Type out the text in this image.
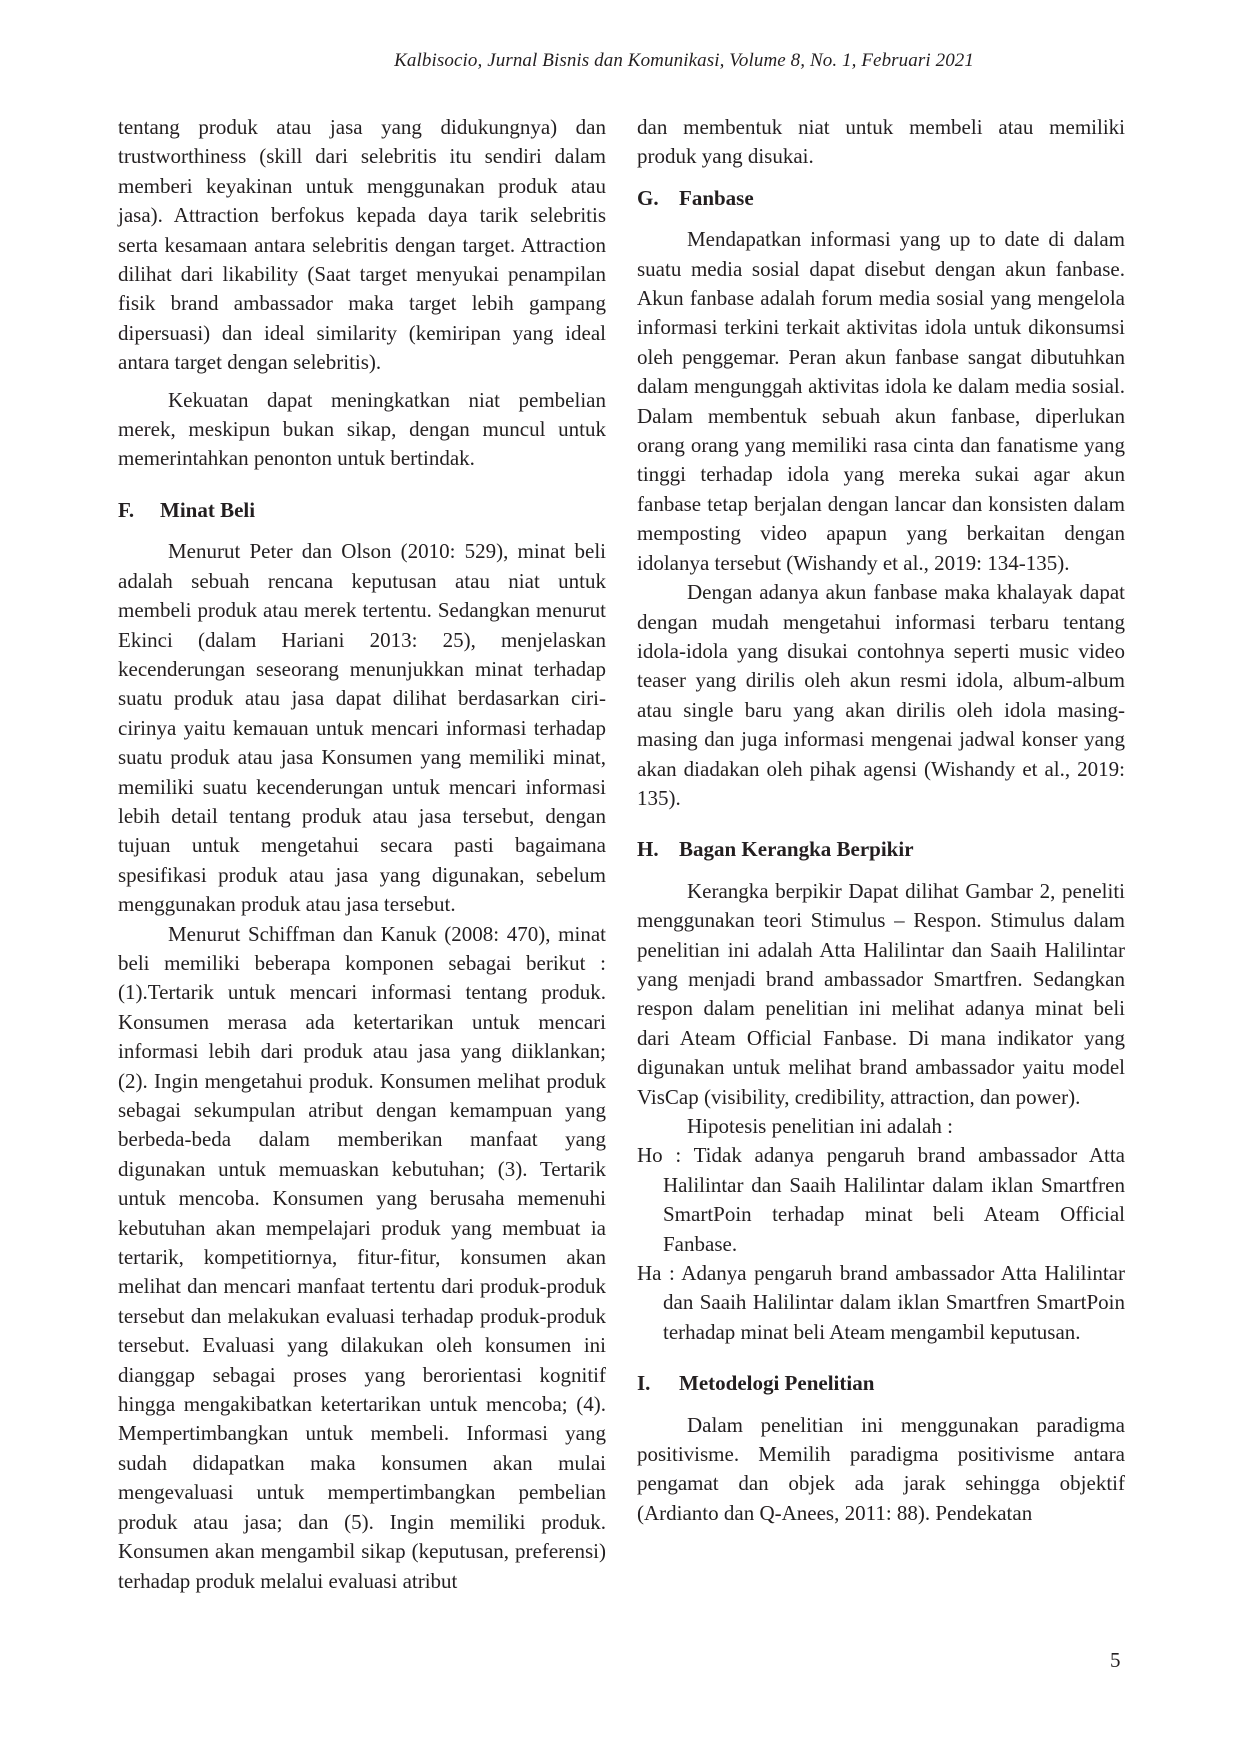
Kalbisocio, Jurnal Bisnis dan Komunikasi, Volume 8, No. 1, Februari 2021

tentang produk atau jasa yang didukungnya) dan trustworthiness (skill dari selebritis itu sendiri dalam memberi keyakinan untuk menggunakan produk atau jasa). Attraction berfokus kepada daya tarik selebritis serta kesamaan antara selebritis dengan target. Attraction dilihat dari likability (Saat target menyukai penampilan fisik brand ambassador maka target lebih gampang dipersuasi) dan ideal similarity (kemiripan yang ideal antara target dengan selebritis).

Kekuatan dapat meningkatkan niat pembelian merek, meskipun bukan sikap, dengan muncul untuk memerintahkan penonton untuk bertindak.

F. Minat Beli

Menurut Peter dan Olson (2010: 529), minat beli adalah sebuah rencana keputusan atau niat untuk membeli produk atau merek tertentu. Sedangkan menurut Ekinci (dalam Hariani 2013: 25), menjelaskan kecenderungan seseorang menunjukkan minat terhadap suatu produk atau jasa dapat dilihat berdasarkan ciri-cirinya yaitu kemauan untuk mencari informasi terhadap suatu produk atau jasa Konsumen yang memiliki minat, memiliki suatu kecenderungan untuk mencari informasi lebih detail tentang produk atau jasa tersebut, dengan tujuan untuk mengetahui secara pasti bagaimana spesifikasi produk atau jasa yang digunakan, sebelum menggunakan produk atau jasa tersebut.

Menurut Schiffman dan Kanuk (2008: 470), minat beli memiliki beberapa komponen sebagai berikut : (1).Tertarik untuk mencari informasi tentang produk. Konsumen merasa ada ketertarikan untuk mencari informasi lebih dari produk atau jasa yang diiklankan; (2). Ingin mengetahui produk. Konsumen melihat produk sebagai sekumpulan atribut dengan kemampuan yang berbeda-beda dalam memberikan manfaat yang digunakan untuk memuaskan kebutuhan; (3). Tertarik untuk mencoba. Konsumen yang berusaha memenuhi kebutuhan akan mempelajari produk yang membuat ia tertarik, kompetitiornya, fitur-fitur, konsumen akan melihat dan mencari manfaat tertentu dari produk-produk tersebut dan melakukan evaluasi terhadap produk-produk tersebut. Evaluasi yang dilakukan oleh konsumen ini dianggap sebagai proses yang berorientasi kognitif hingga mengakibatkan ketertarikan untuk mencoba; (4). Mempertimbangkan untuk membeli. Informasi yang sudah didapatkan maka konsumen akan mulai mengevaluasi untuk mempertimbangkan pembelian produk atau jasa; dan (5). Ingin memiliki produk. Konsumen akan mengambil sikap (keputusan, preferensi) terhadap produk melalui evaluasi atribut

dan membentuk niat untuk membeli atau memiliki produk yang disukai.

G. Fanbase

Mendapatkan informasi yang up to date di dalam suatu media sosial dapat disebut dengan akun fanbase. Akun fanbase adalah forum media sosial yang mengelola informasi terkini terkait aktivitas idola untuk dikonsumsi oleh penggemar. Peran akun fanbase sangat dibutuhkan dalam mengunggah aktivitas idola ke dalam media sosial. Dalam membentuk sebuah akun fanbase, diperlukan orang orang yang memiliki rasa cinta dan fanatisme yang tinggi terhadap idola yang mereka sukai agar akun fanbase tetap berjalan dengan lancar dan konsisten dalam memposting video apapun yang berkaitan dengan idolanya tersebut (Wishandy et al., 2019: 134-135).

Dengan adanya akun fanbase maka khalayak dapat dengan mudah mengetahui informasi terbaru tentang idola-idola yang disukai contohnya seperti music video teaser yang dirilis oleh akun resmi idola, album-album atau single baru yang akan dirilis oleh idola masing-masing dan juga informasi mengenai jadwal konser yang akan diadakan oleh pihak agensi (Wishandy et al., 2019: 135).

H. Bagan Kerangka Berpikir

Kerangka berpikir Dapat dilihat Gambar 2, peneliti menggunakan teori Stimulus – Respon. Stimulus dalam penelitian ini adalah Atta Halilintar dan Saaih Halilintar yang menjadi brand ambassador Smartfren. Sedangkan respon dalam penelitian ini melihat adanya minat beli dari Ateam Official Fanbase. Di mana indikator yang digunakan untuk melihat brand ambassador yaitu model VisCap (visibility, credibility, attraction, dan power).

Hipotesis penelitian ini adalah :

Ho : Tidak adanya pengaruh brand ambassador Atta Halilintar dan Saaih Halilintar dalam iklan Smartfren SmartPoin terhadap minat beli Ateam Official Fanbase.

Ha : Adanya pengaruh brand ambassador Atta Halilintar dan Saaih Halilintar dalam iklan Smartfren SmartPoin terhadap minat beli Ateam mengambil keputusan.

I. Metodelogi Penelitian

Dalam penelitian ini menggunakan paradigma positivisme. Memilih paradigma positivisme antara pengamat dan objek ada jarak sehingga objektif (Ardianto dan Q-Anees, 2011: 88). Pendekatan

5
